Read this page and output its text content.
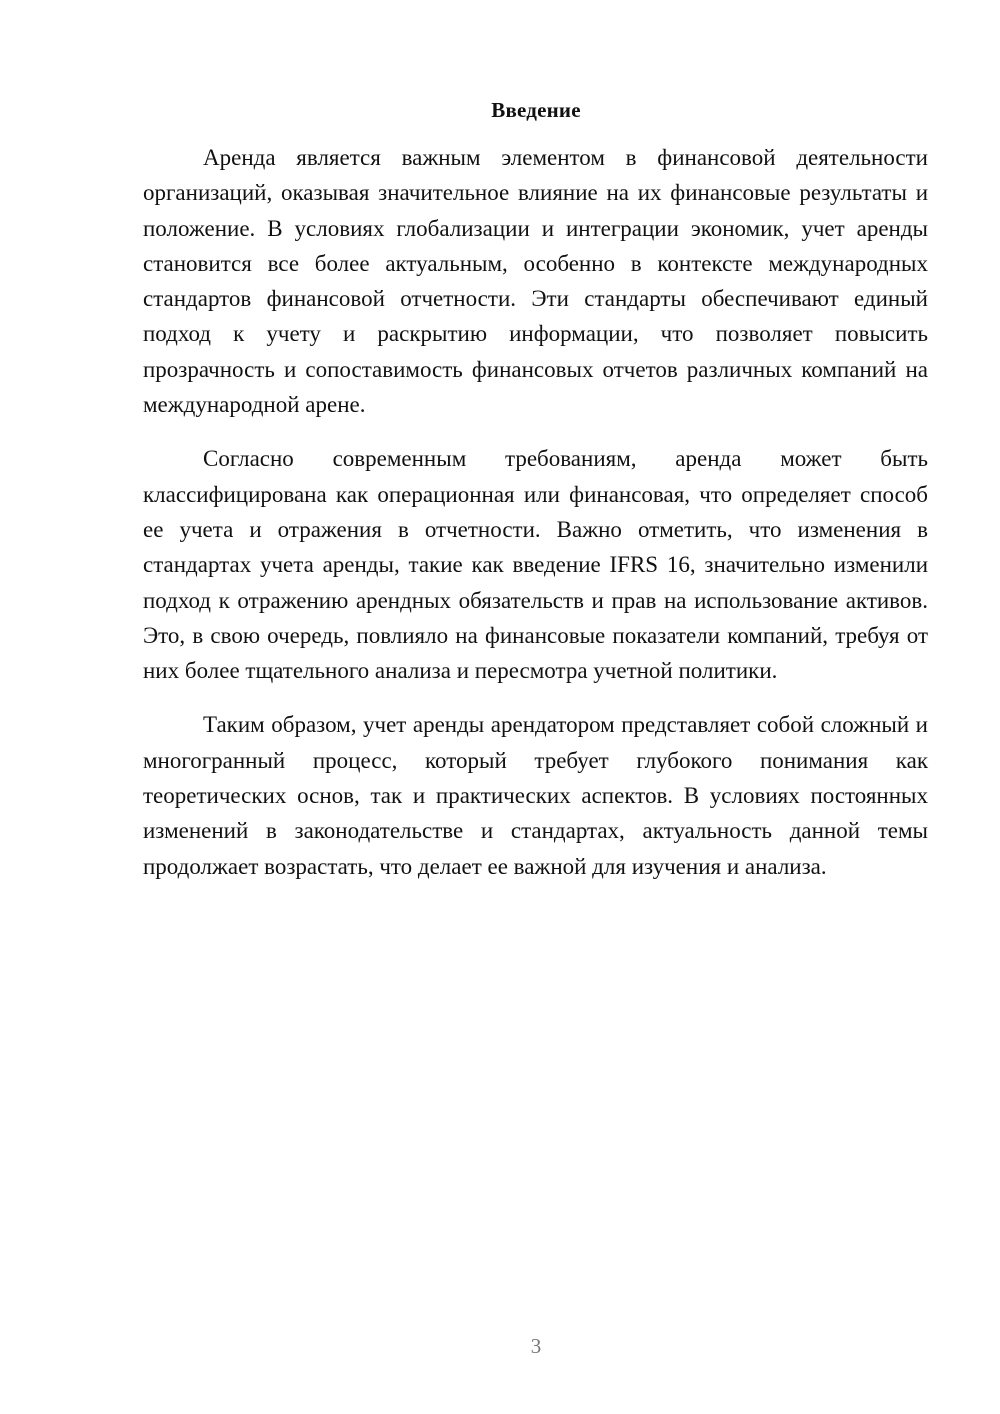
Введение

Аренда является важным элементом в финансовой деятельности организаций, оказывая значительное влияние на их финансовые результаты и положение. В условиях глобализации и интеграции экономик, учет аренды становится все более актуальным, особенно в контексте международных стандартов финансовой отчетности. Эти стандарты обеспечивают единый подход к учету и раскрытию информации, что позволяет повысить прозрачность и сопоставимость финансовых отчетов различных компаний на международной арене.

Согласно современным требованиям, аренда может быть классифицирована как операционная или финансовая, что определяет способ ее учета и отражения в отчетности. Важно отметить, что изменения в стандартах учета аренды, такие как введение IFRS 16, значительно изменили подход к отражению арендных обязательств и прав на использование активов. Это, в свою очередь, повлияло на финансовые показатели компаний, требуя от них более тщательного анализа и пересмотра учетной политики.

Таким образом, учет аренды арендатором представляет собой сложный и многогранный процесс, который требует глубокого понимания как теоретических основ, так и практических аспектов. В условиях постоянных изменений в законодательстве и стандартах, актуальность данной темы продолжает возрастать, что делает ее важной для изучения и анализа.

3
